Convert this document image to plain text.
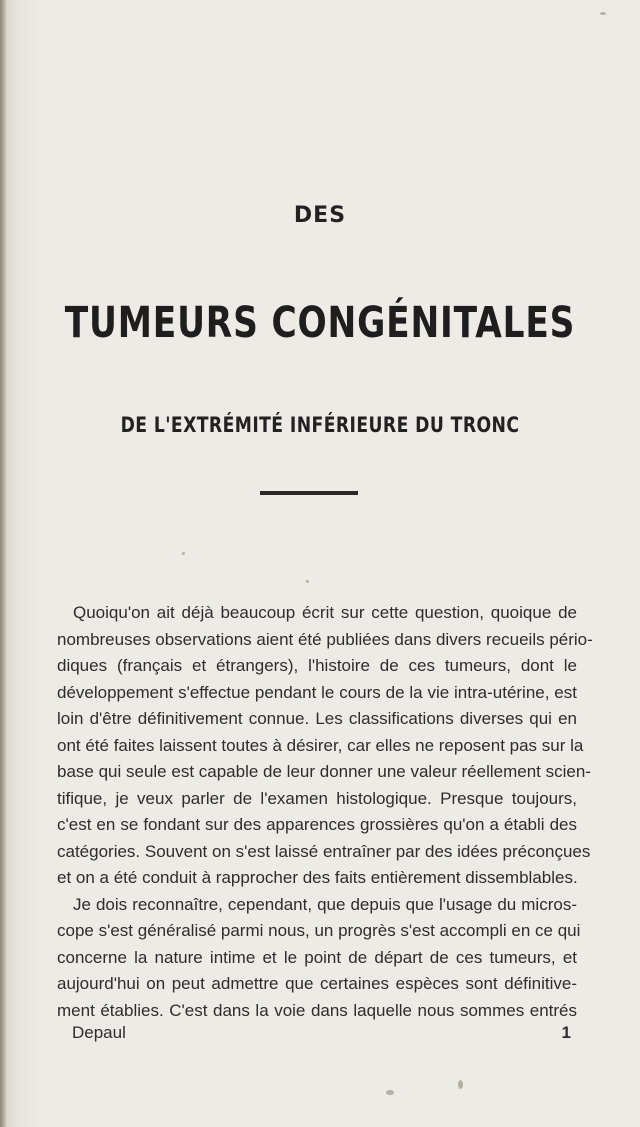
DES
TUMEURS CONGÉNITALES
DE L'EXTRÉMITÉ INFÉRIEURE DU TRONC
Quoiqu'on ait déjà beaucoup écrit sur cette question, quoique de
nombreuses observations aient été publiées dans divers recueils pério-
diques (français et étrangers), l'histoire de ces tumeurs, dont le
développement s'effectue pendant le cours de la vie intra-utérine, est
loin d'être définitivement connue. Les classifications diverses qui en
ont été faites laissent toutes à désirer, car elles ne reposent pas sur la
base qui seule est capable de leur donner une valeur réellement scien-
tifique, je veux parler de l'examen histologique. Presque toujours,
c'est en se fondant sur des apparences grossières qu'on a établi des
catégories. Souvent on s'est laissé entraîner par des idées préconçues
et on a été conduit à rapprocher des faits entièrement dissemblables.
Je dois reconnaître, cependant, que depuis que l'usage du micros-
cope s'est généralisé parmi nous, un progrès s'est accompli en ce qui
concerne la nature intime et le point de départ de ces tumeurs, et
aujourd'hui on peut admettre que certaines espèces sont définitive-
ment établies. C'est dans la voie dans laquelle nous sommes entrés
Depaul	1
